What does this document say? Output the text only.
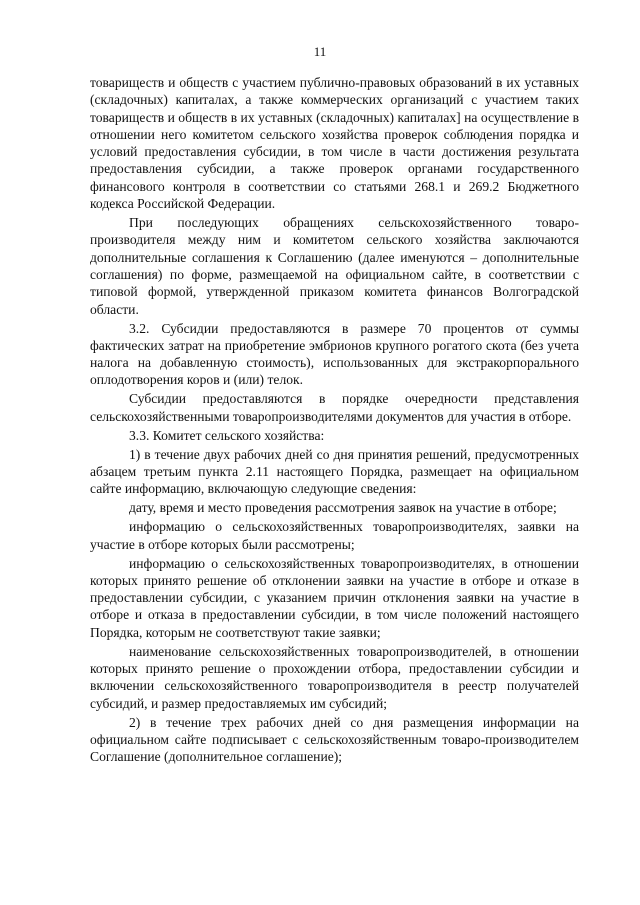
11

товариществ и обществ с участием публично-правовых образований в их уставных (складочных) капиталах, а также коммерческих организаций с участием таких товариществ и обществ в их уставных (складочных) капиталах] на осуществление в отношении него комитетом сельского хозяйства проверок соблюдения порядка и условий предоставления субсидии, в том числе в части достижения результата предоставления субсидии, а также проверок органами государственного финансового контроля в соответствии со статьями 268.1 и 269.2 Бюджетного кодекса Российской Федерации.

При последующих обращениях сельскохозяйственного товаро-производителя между ним и комитетом сельского хозяйства заключаются дополнительные соглашения к Соглашению (далее именуются – дополнительные соглашения) по форме, размещаемой на официальном сайте, в соответствии с типовой формой, утвержденной приказом комитета финансов Волгоградской области.

3.2. Субсидии предоставляются в размере 70 процентов от суммы фактических затрат на приобретение эмбрионов крупного рогатого скота (без учета налога на добавленную стоимость), использованных для экстракорпорального оплодотворения коров и (или) телок.

Субсидии предоставляются в порядке очередности представления сельскохозяйственными товаропроизводителями документов для участия в отборе.

3.3. Комитет сельского хозяйства:

1) в течение двух рабочих дней со дня принятия решений, предусмотренных абзацем третьим пункта 2.11 настоящего Порядка, размещает на официальном сайте информацию, включающую следующие сведения:

дату, время и место проведения рассмотрения заявок на участие в отборе;

информацию о сельскохозяйственных товаропроизводителях, заявки на участие в отборе которых были рассмотрены;

информацию о сельскохозяйственных товаропроизводителях, в отношении которых принято решение об отклонении заявки на участие в отборе и отказе в предоставлении субсидии, с указанием причин отклонения заявки на участие в отборе и отказа в предоставлении субсидии, в том числе положений настоящего Порядка, которым не соответствуют такие заявки;

наименование сельскохозяйственных товаропроизводителей, в отношении которых принято решение о прохождении отбора, предоставлении субсидии и включении сельскохозяйственного товаропроизводителя в реестр получателей субсидий, и размер предоставляемых им субсидий;

2) в течение трех рабочих дней со дня размещения информации на официальном сайте подписывает с сельскохозяйственным товаро-производителем Соглашение (дополнительное соглашение);
